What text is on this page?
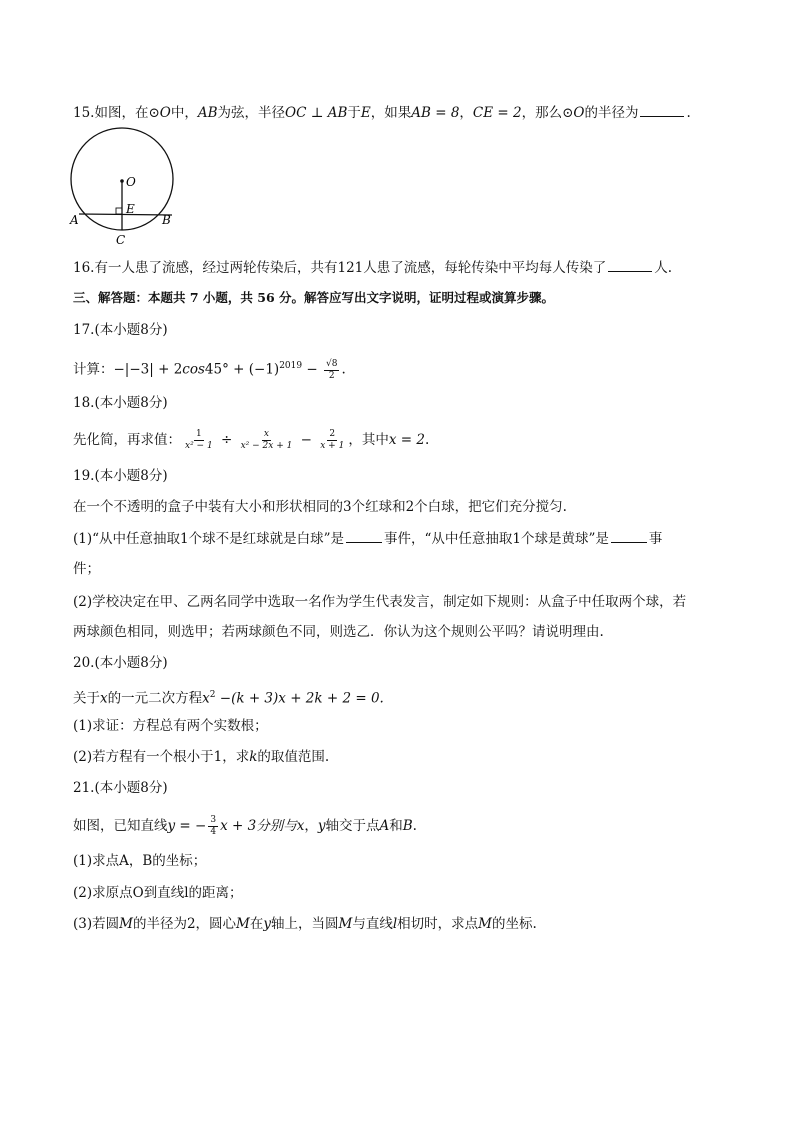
15.如图，在⊙O中，AB为弦，半径OC ⊥ AB于E，如果AB = 8，CE = 2，那么⊙O的半径为	.
O
E
A	B
C
16.有一人患了流感，经过两轮传染后，共有121人患了流感，每轮传染中平均每人传染了	人.
三、解答题：本题共 7 小题，共 56 分。解答应写出文字说明，证明过程或演算步骤。
17.(本小题8分)
计算：$-|-3| + 2\cos 45^\circ + (-1)^{2019} - \frac{√8}{2}$ .
18.(本小题8分)
先化简，再求值： $\frac{1}{\text{x² − 1}} \div \frac{x}{\text{x² − 2x + 1}} - \frac{2}{x + 1}$ ，其中x = 2.
19.(本小题8分)
在一个不透明的盒子中装有大小和形状相同的3个红球和2个白球，把它们充分搅匀.
(1)“从中任意抽取1个球不是红球就是白球”是	事件，“从中任意抽取1个球是黄球”是	事
件；
(2)学校决定在甲、乙两名同学中选取一名作为学生代表发言，制定如下规则：从盒子中任取两个球，若
两球颜色相同，则选甲；若两球颜色不同，则选乙．你认为这个规则公平吗？请说明理由.
20.(本小题8分)
关于x的一元二次方程$x^2 -(k + 3)x + 2k + 2 = 0$.
(1)求证：方程总有两个实数根；
(2)若方程有一个根小于1，求k的取值范围.
21.(本小题8分)
如图，已知直线y = − $\frac{3}{4}$ x + 3分别与x，y轴交于点A和B.
(1)求点A，B的坐标；
(2)求原点O到直线l的距离；
(3)若圆M的半径为2，圆心M在y轴上，当圆M与直线l相切时，求点M的坐标.
